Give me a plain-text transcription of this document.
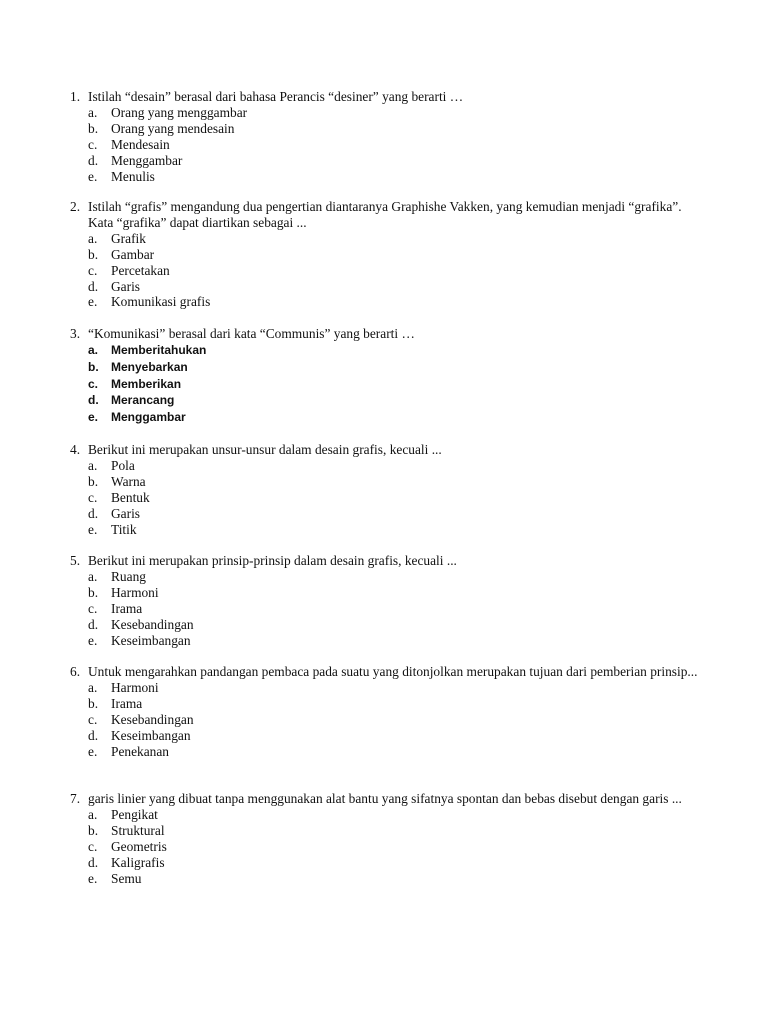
1. Istilah “desain” berasal dari bahasa Perancis “desiner” yang berarti …
a.	Orang yang menggambar
b. Orang yang mendesain
c.	Mendesain
d. Menggambar
e.	Menulis
2. Istilah “grafis” mengandung dua pengertian diantaranya Graphishe Vakken, yang kemudian menjadi “grafika”. Kata “grafika” dapat diartikan sebagai ...
a.	Grafik
b. Gambar
c.	Percetakan
d. Garis
e.	Komunikasi grafis
3. “Komunikasi” berasal dari kata “Communis” yang berarti …
a.	Memberitahukan
b.	Menyebarkan
c.	Memberikan
d.	Merancang
e.	Menggambar
4. Berikut ini merupakan unsur-unsur dalam desain grafis, kecuali ...
a.	Pola
b. Warna
c.	Bentuk
d. Garis
e.	Titik
5. Berikut ini merupakan prinsip-prinsip dalam desain grafis, kecuali ...
a.	Ruang
b. Harmoni
c.	Irama
d. Kesebandingan
e.	Keseimbangan
6. Untuk mengarahkan pandangan pembaca pada suatu yang ditonjolkan merupakan tujuan dari pemberian prinsip...
a.	Harmoni
b. Irama
c.	Kesebandingan
d. Keseimbangan
e.	Penekanan
7. garis linier yang dibuat tanpa menggunakan alat bantu yang sifatnya spontan dan bebas disebut dengan garis ...
a.	Pengikat
b. Struktural
c.	Geometris
d. Kaligrafis
e.	Semu
